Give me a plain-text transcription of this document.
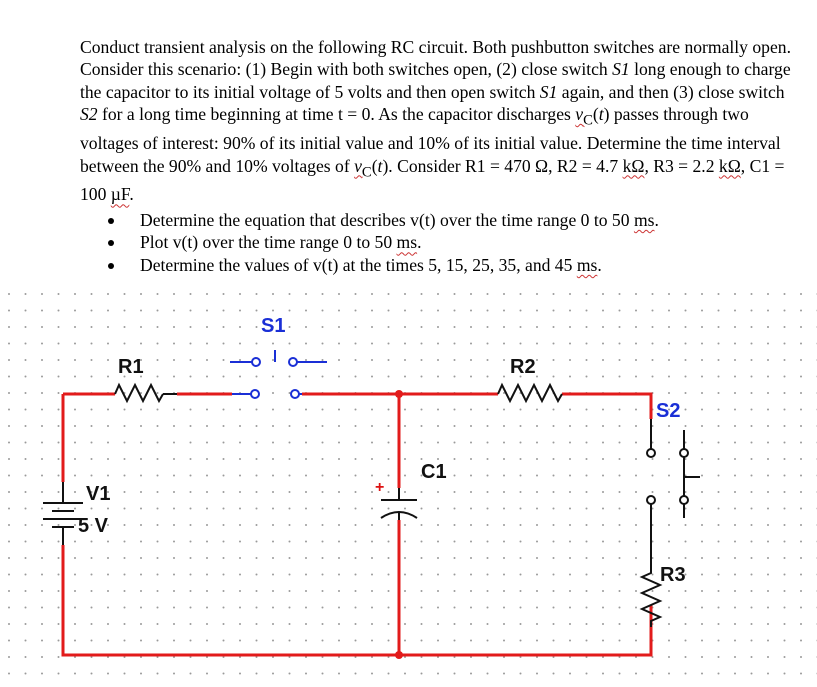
Conduct transient analysis on the following RC circuit. Both pushbutton switches are normally open. Consider this scenario: (1) Begin with both switches open, (2) close switch S1 long enough to charge the capacitor to its initial voltage of 5 volts and then open switch S1 again, and then (3) close switch S2 for a long time beginning at time t = 0. As the capacitor discharges $v_C(t)$ passes through two voltages of interest: 90% of its initial value and 10% of its initial value. Determine the time interval between the 90% and 10% voltages of $v_C(t)$. Consider R1 = 470 Ω, R2 = 4.7 kΩ, R3 = 2.2 kΩ, C1 = 100 µF.

Determine the equation that describes v(t) over the time range 0 to 50 ms.
Plot v(t) over the time range 0 to 50 ms.
Determine the values of v(t) at the times 5, 15, 25, 35, and 45 ms.
R1
S1
R2
S2
R3
+
C1
V1
5 V
